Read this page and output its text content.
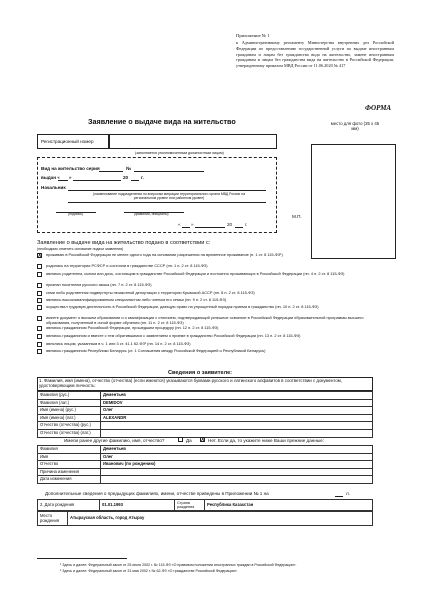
Приложение № 1
к Административному регламенту Министерства внутренних дел Российской Федерации по предоставлению государственной услуги по выдаче иностранным гражданам и лицам без гражданства вида на жительство, замене иностранным гражданам и лицам без гражданства вида на жительство в Российской Федерации, утвержденному приказом МВД России от 11.06.2020 № 417
ФОРМА
Заявление о выдаче вида на жительство	место для фото (35 х 45 мм)
Регистрационный номер
(заполняется уполномоченным должностным лицом)
Вид на жительство серия	№
выдан « »	20	г.
Начальник
(наименование подразделения по вопросам миграции территориального органа МВД России на региональном уровне или районном уровне)
(подпись)	(фамилия, инициалы)
« »	20	г.
М.П.
Заявление о выдаче вида на жительство подано в соответствии с:
(необходимо отметить основание подачи заявления)
X проживаю в Российской Федерации не менее одного года на основании разрешения на временное проживание (п. 1 ст. 8 115-ФЗ¹)
родилась на территории РСФСР и состояли в гражданстве СССР (пп. 1 п. 2 ст. 8 115-ФЗ)
являюсь родителем, сыном или дочь, состоящим в гражданстве Российской Федерации и постоянно проживающих в Российской Федерации (пп. 4 п. 2 ст. 8 115-ФЗ)
признан носителем русского языка (пп. 7 п. 2 ст. 8 115-ФЗ)
семи либо родственник подвергнуты незаконной депортации с территории Крымской АССР (пп. 8 п. 2 ст. 8 115-ФЗ)
являюсь высококвалифицированным специалистом либо членом его семьи (пп. 9 п. 2 ст. 8 115-ФЗ)
осуществил трудовую деятельность в Российской Федерации, дающую право на упрощенный порядок приема в гражданство (пп. 10 п. 2 ст. 8 115-ФЗ)
имеете документ о высшем образовании и о квалификации с отличием, подтверждающий успешное освоение в Российской Федерации образовательной программы высшего образования, полученный в очной форме обучения (пп. 11 п. 2 ст. 8 115-ФЗ)
являюсь гражданином Российской Федерации, прошедшим процедуру (пп. 12 п. 2 ст. 8 115-ФЗ)
являюсь гражданином и вместе с тем обратившимся с заявлением о приеме в гражданство Российской Федерации (пп. 13 п. 2 ст. 8 115-ФЗ)
являлись лицом, указанным в ч. 1 или 3 ст. 41.1 62-ФЗ² (пп. 14 п. 2 ст. 8 115-ФЗ)
являюсь гражданином Республики Беларусь (ст. 1 Соглашения между Российской Федерацией и Республикой Беларусь)
Сведения о заявителе:
1. Фамилия, имя (имена), отчество (отчества) (если имеются) указываются буквами русского и латинского алфавитов в соответствии с документом, удостоверяющим личность:
Фамилия (рус.)	Дементьев
Фамилия (лат.)	DEMIDOV
Имя (имена) (рус.)	Олег
Имя (имена) (лат.)	ALEXANDR
Отчество (отчества) (рус.)	
Отчество (отчества) (лат.)	
Имели ранее другие фамилию, имя, отчество?	Да X Нет. Если да, то укажите ниже Ваши прежние данные:
Фамилия	Дементьев
Имя	Олег
Отчество	Иванович (по рождению)
Причина изменения	
Дата изменения	
Дополнительные сведения о предыдущих фамилиях, имени, отчестве приведены в Приложении № 1 на	л.
2. Дата рождения	01.01.1993	Страна рождения	Республика Казахстан
Место рождения	Атырауская область, город Атырау
¹ Здесь и далее: Федеральный закон от 25 июля 2002 г. № 115-ФЗ «О правовом положении иностранных граждан в Российской Федерации».
² Здесь и далее: Федеральный закон от 31 мая 2002 г. № 62-ФЗ «О гражданстве Российской Федерации».
